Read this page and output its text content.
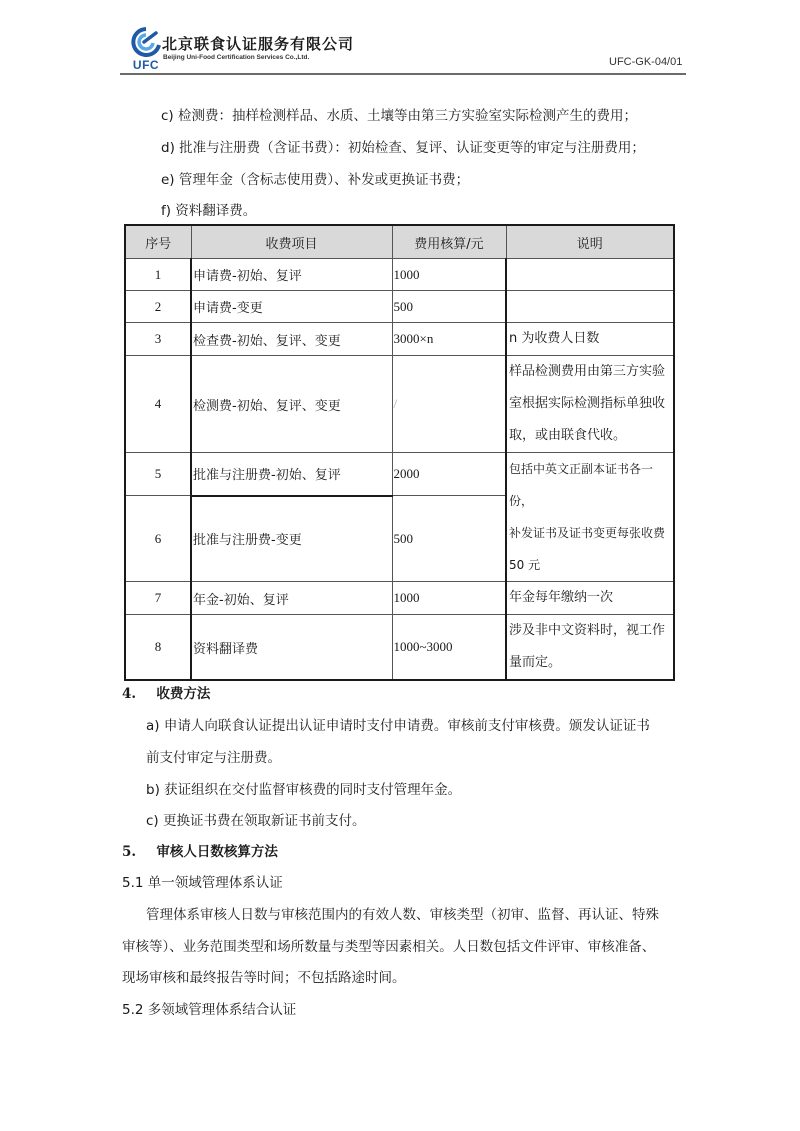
UFC
北京联食认证服务有限公司
Beijing Uni-Food Certification Services Co.,Ltd.	UFC-GK-04/01
c) 检测费：抽样检测样品、水质、土壤等由第三方实验室实际检测产生的费用；
d) 批准与注册费（含证书费）：初始检查、复评、认证变更等的审定与注册费用；
e) 管理年金（含标志使用费）、补发或更换证书费；
f) 资料翻译费。
序号	收费项目	费用核算/元	说明
1	申请费-初始、复评	1000	
2	申请费-变更	500	
3	检查费-初始、复评、变更	3000×n	n 为收费人日数
4	检测费-初始、复评、变更	/	样品检测费用由第三方实验
室根据实际检测指标单独收
取，或由联食代收。

5	批准与注册费-初始、复评	2000	包括中英文正副本证书各一份，
补发证书及证书变更每张收费
50 元

6	批准与注册费-变更	500	
7	年金-初始、复评	1000	年金每年缴纳一次
8	资料翻译费	1000~3000	涉及非中文资料时，视工作
量而定。
4. 收费方法
a) 申请人向联食认证提出认证申请时支付申请费。审核前支付审核费。颁发认证证书
前支付审定与注册费。
b) 获证组织在交付监督审核费的同时支付管理年金。
c) 更换证书费在领取新证书前支付。
5. 审核人日数核算方法
5.1 单一领域管理体系认证
管理体系审核人日数与审核范围内的有效人数、审核类型（初审、监督、再认证、特殊
审核等）、业务范围类型和场所数量与类型等因素相关。人日数包括文件评审、审核准备、
现场审核和最终报告等时间；不包括路途时间。
5.2 多领域管理体系结合认证
